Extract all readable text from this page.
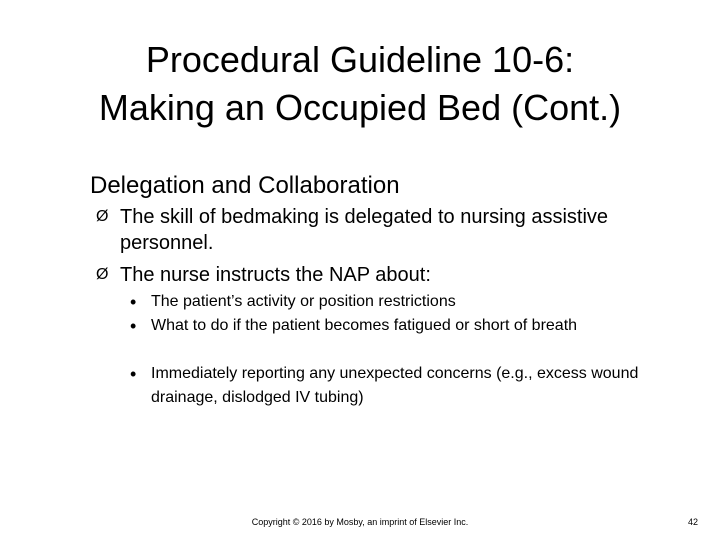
Procedural Guideline 10-6:
Making an Occupied Bed (Cont.)
Delegation and Collaboration
Ø The skill of bedmaking is delegated to nursing assistive personnel.
Ø The nurse instructs the NAP about:
• The patient’s activity or position restrictions
• What to do if the patient becomes fatigued or short of breath
• Immediately reporting any unexpected concerns (e.g., excess wound drainage, dislodged IV tubing)
Copyright © 2016 by Mosby, an imprint of Elsevier Inc.	42
